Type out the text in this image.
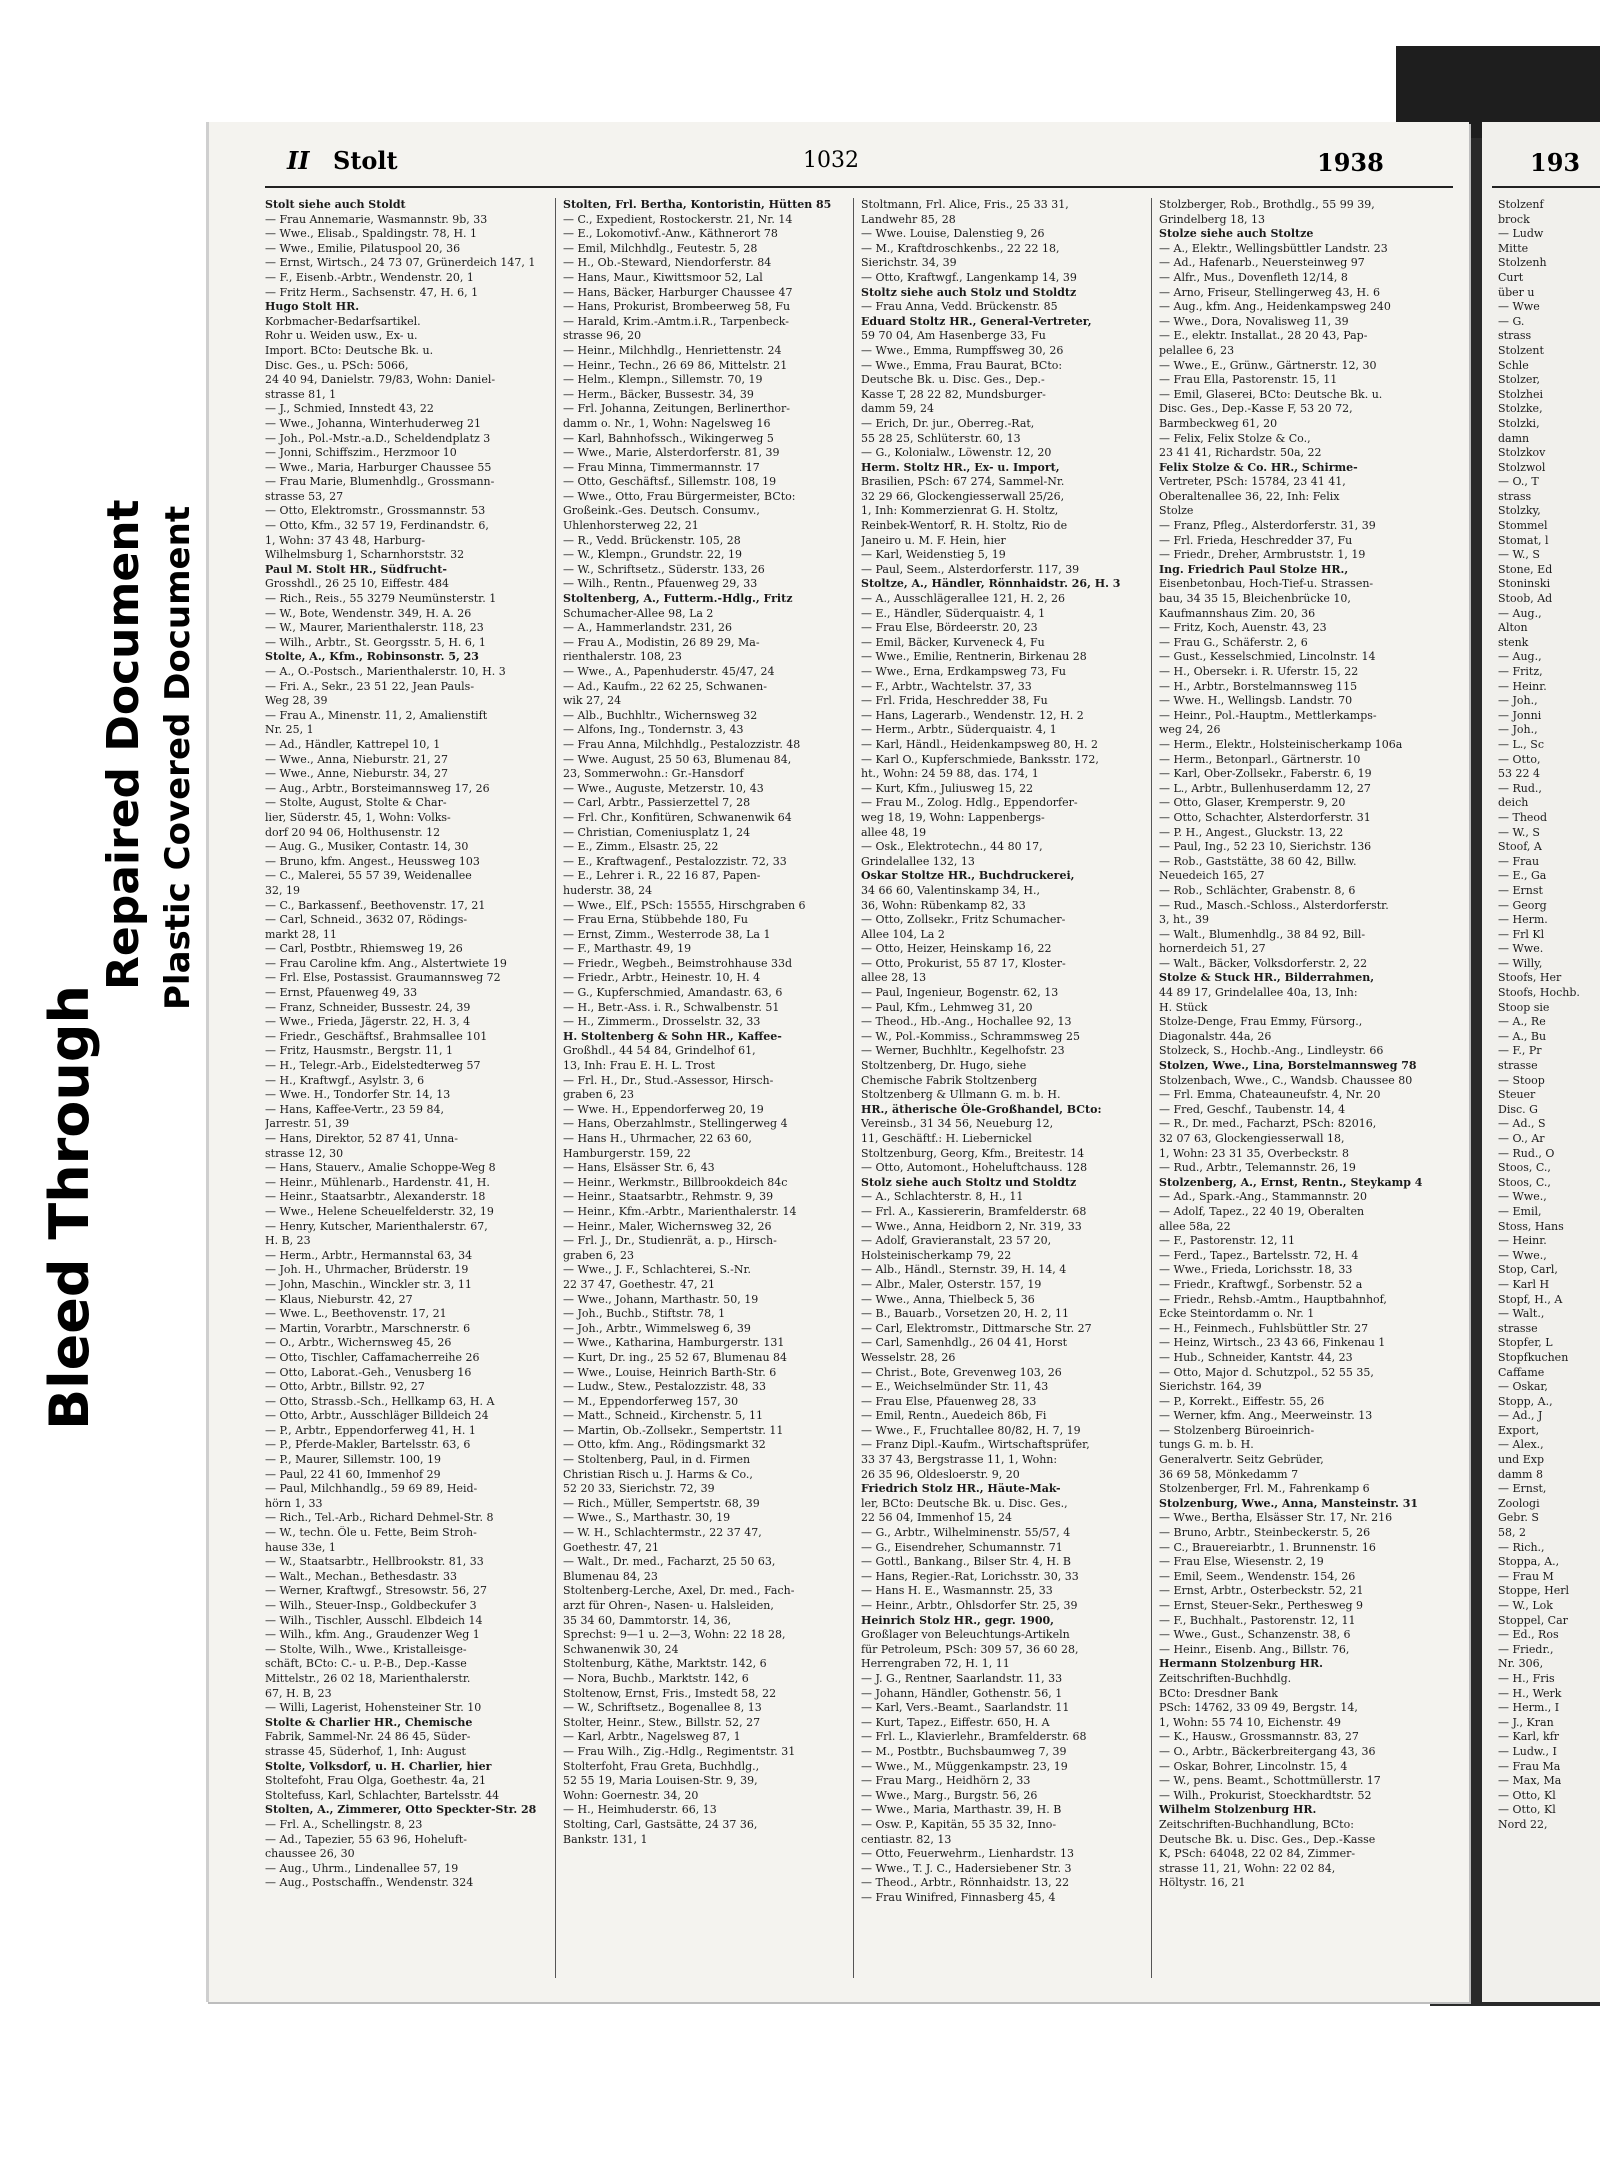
Bleed Through
Repaired Document Plastic Covered Document
II Stolt	1032	1938
Stolt siehe auch Stoldt
— Frau Annemarie, Wasmannstr. 9b, 33
— Wwe., Elisab., Spaldingstr. 78, H. 1
— Wwe., Emilie, Pilatuspool 20, 36
— Ernst, Wirtsch., 24 73 07, Grünerdeich 147, 1
— F., Eisenb.-Arbtr., Wendenstr. 20, 1
— Fritz Herm., Sachsenstr. 47, H. 6, 1
Hugo Stolt HR.
Korbmacher-Bedarfsartikel.
Rohr u. Weiden usw., Ex- u.
Import. BCto: Deutsche Bk. u.
Disc. Ges., u. PSch: 5066,
24 40 94, Danielstr. 79/83, Wohn: Daniel-
strasse 81, 1
— J., Schmied, Innstedt 43, 22
— Wwe., Johanna, Winterhuderweg 21
— Joh., Pol.-Mstr.-a.D., Scheldendplatz 3
— Jonni, Schiffszim., Herzmoor 10
— Wwe., Maria, Harburger Chaussee 55
— Frau Marie, Blumenhdlg., Grossmann-
strasse 53, 27
— Otto, Elektromstr., Grossmannstr. 53
— Otto, Kfm., 32 57 19, Ferdinandstr. 6,
1, Wohn: 37 43 48, Harburg-
Wilhelmsburg 1, Scharnhorststr. 32
Paul M. Stolt HR., Südfrucht-
Grosshdl., 26 25 10, Eiffestr. 484
— Rich., Reis., 55 3279 Neumünsterstr. 1
— W., Bote, Wendenstr. 349, H. A. 26
— W., Maurer, Marienthalerstr. 118, 23
— Wilh., Arbtr., St. Georgsstr. 5, H. 6, 1
Stolte, A., Kfm., Robinsonstr. 5, 23
— A., O.-Postsch., Marienthalerstr. 10, H. 3
— Fri. A., Sekr., 23 51 22, Jean Pauls-
Weg 28, 39
— Frau A., Minenstr. 11, 2, Amalienstift
Nr. 25, 1
— Ad., Händler, Kattrepel 10, 1
— Wwe., Anna, Nieburstr. 21, 27
— Wwe., Anne, Nieburstr. 34, 27
— Aug., Arbtr., Borsteimannsweg 17, 26
— Stolte, August, Stolte & Char-
lier, Süderstr. 45, 1, Wohn: Volks-
dorf 20 94 06, Holthusenstr. 12
— Aug. G., Musiker, Contastr. 14, 30
— Bruno, kfm. Angest., Heussweg 103
— C., Malerei, 55 57 39, Weidenallee
32, 19
— C., Barkassenf., Beethovenstr. 17, 21
— Carl, Schneid., 3632 07, Rödings-
markt 28, 11
— Carl, Postbtr., Rhiemsweg 19, 26
— Frau Caroline kfm. Ang., Alstertwiete 19
— Frl. Else, Postassist. Graumannsweg 72
— Ernst, Pfauenweg 49, 33
— Franz, Schneider, Bussestr. 24, 39
— Wwe., Frieda, Jägerstr. 22, H. 3, 4
— Friedr., Geschäftsf., Brahmsallee 101
— Fritz, Hausmstr., Bergstr. 11, 1
— H., Telegr.-Arb., Eidelstedterweg 57
— H., Kraftwgf., Asylstr. 3, 6
— Wwe. H., Tondorfer Str. 14, 13
— Hans, Kaffee-Vertr., 23 59 84,
Jarrestr. 51, 39
— Hans, Direktor, 52 87 41, Unna-
strasse 12, 30
— Hans, Stauerv., Amalie Schoppe-Weg 8
— Heinr., Mühlenarb., Hardenstr. 41, H.
— Heinr., Staatsarbtr., Alexanderstr. 18
— Wwe., Helene Scheuelfelderstr. 32, 19
— Henry, Kutscher, Marienthalerstr. 67,
H. B, 23
— Herm., Arbtr., Hermannstal 63, 34
— Joh. H., Uhrmacher, Brüderstr. 19
— John, Maschin., Winckler str. 3, 11
— Klaus, Nieburstr. 42, 27
— Wwe. L., Beethovenstr. 17, 21
— Martin, Vorarbtr., Marschnerstr. 6
— O., Arbtr., Wichernsweg 45, 26
— Otto, Tischler, Caffamacherreihe 26
— Otto, Laborat.-Geh., Venusberg 16
— Otto, Arbtr., Billstr. 92, 27
— Otto, Strassb.-Sch., Hellkamp 63, H. A
— Otto, Arbtr., Ausschläger Billdeich 24
— P., Arbtr., Eppendorferweg 41, H. 1
— P., Pferde-Makler, Bartelsstr. 63, 6
— P., Maurer, Sillemstr. 100, 19
— Paul, 22 41 60, Immenhof 29
— Paul, Milchhandlg., 59 69 89, Heid-
hörn 1, 33
— Rich., Tel.-Arb., Richard Dehmel-Str. 8
— W., techn. Öle u. Fette, Beim Stroh-
hause 33e, 1
— W., Staatsarbtr., Hellbrookstr. 81, 33
— Walt., Mechan., Bethesdastr. 33
— Werner, Kraftwgf., Stresowstr. 56, 27
— Wilh., Steuer-Insp., Goldbeckufer 3
— Wilh., Tischler, Ausschl. Elbdeich 14
— Wilh., kfm. Ang., Graudenzer Weg 1
— Stolte, Wilh., Wwe., Kristalleisge-
schäft, BCto: C.- u. P.-B., Dep.-Kasse
Mittelstr., 26 02 18, Marienthalerstr.
67, H. B, 23
— Willi, Lagerist, Hohensteiner Str. 10
Stolte & Charlier HR., Chemische
Fabrik, Sammel-Nr. 24 86 45, Süder-
strasse 45, Süderhof, 1, Inh: August
Stolte, Volksdorf, u. H. Charlier, hier
Stoltefoht, Frau Olga, Goethestr. 4a, 21
Stoltefuss, Karl, Schlachter, Bartelsstr. 44
Stolten, A., Zimmerer, Otto Speckter-Str. 28
— Frl. A., Schellingstr. 8, 23
— Ad., Tapezier, 55 63 96, Hoheluft-
chaussee 26, 30
— Aug., Uhrm., Lindenallee 57, 19
— Aug., Postschaffn., Wendenstr. 324
Stolten, Frl. Bertha, Kontoristin, Hütten 85
— C., Expedient, Rostockerstr. 21, Nr. 14
— E., Lokomotivf.-Anw., Käthnerort 78
— Emil, Milchhdlg., Feutestr. 5, 28
— H., Ob.-Steward, Niendorferstr. 84
— Hans, Maur., Kiwittsmoor 52, Lal
— Hans, Bäcker, Harburger Chaussee 47
— Hans, Prokurist, Brombeerweg 58, Fu
— Harald, Krim.-Amtm.i.R., Tarpenbeck-
strasse 96, 20
— Heinr., Milchhdlg., Henriettenstr. 24
— Heinr., Techn., 26 69 86, Mittelstr. 21
— Helm., Klempn., Sillemstr. 70, 19
— Herm., Bäcker, Bussestr. 34, 39
— Frl. Johanna, Zeitungen, Berlinerthor-
damm o. Nr., 1, Wohn: Nagelsweg 16
— Karl, Bahnhofssch., Wikingerweg 5
— Wwe., Marie, Alsterdorferstr. 81, 39
— Frau Minna, Timmermannstr. 17
— Otto, Geschäftsf., Sillemstr. 108, 19
— Wwe., Otto, Frau Bürgermeister, BCto:
Großeink.-Ges. Deutsch. Consumv.,
Uhlenhorsterweg 22, 21
— R., Vedd. Brückenstr. 105, 28
— W., Klempn., Grundstr. 22, 19
— W., Schriftsetz., Süderstr. 133, 26
— Wilh., Rentn., Pfauenweg 29, 33
Stoltenberg, A., Futterm.-Hdlg., Fritz
Schumacher-Allee 98, La 2
— A., Hammerlandstr. 231, 26
— Frau A., Modistin, 26 89 29, Ma-
rienthalerstr. 108, 23
— Wwe., A., Papenhuderstr. 45/47, 24
— Ad., Kaufm., 22 62 25, Schwanen-
wik 27, 24
— Alb., Buchhltr., Wichernsweg 32
— Alfons, Ing., Tondernstr. 3, 43
— Frau Anna, Milchhdlg., Pestalozzistr. 48
— Wwe. August, 25 50 63, Blumenau 84,
23, Sommerwohn.: Gr.-Hansdorf
— Wwe., Auguste, Metzerstr. 10, 43
— Carl, Arbtr., Passierzettel 7, 28
— Frl. Chr., Konfitüren, Schwanenwik 64
— Christian, Comeniusplatz 1, 24
— E., Zimm., Elsastr. 25, 22
— E., Kraftwagenf., Pestalozzistr. 72, 33
— E., Lehrer i. R., 22 16 87, Papen-
huderstr. 38, 24
— Wwe., Elf., PSch: 15555, Hirschgraben 6
— Frau Erna, Stübbehde 180, Fu
— Ernst, Zimm., Westerrode 38, La 1
— F., Marthastr. 49, 19
— Friedr., Wegbeh., Beimstrohhause 33d
— Friedr., Arbtr., Heinestr. 10, H. 4
— G., Kupferschmied, Amandastr. 63, 6
— H., Betr.-Ass. i. R., Schwalbenstr. 51
— H., Zimmerm., Drosselstr. 32, 33
H. Stoltenberg & Sohn HR., Kaffee-
Großhdl., 44 54 84, Grindelhof 61,
13, Inh: Frau E. H. L. Trost
— Frl. H., Dr., Stud.-Assessor, Hirsch-
graben 6, 23
— Wwe. H., Eppendorferweg 20, 19
— Hans, Oberzahlmstr., Stellingerweg 4
— Hans H., Uhrmacher, 22 63 60,
Hamburgerstr. 159, 22
— Hans, Elsässer Str. 6, 43
— Heinr., Werkmstr., Billbrookdeich 84c
— Heinr., Staatsarbtr., Rehmstr. 9, 39
— Heinr., Kfm.-Arbtr., Marienthalerstr. 14
— Heinr., Maler, Wichernsweg 32, 26
— Frl. J., Dr., Studienrät, a. p., Hirsch-
graben 6, 23
— Wwe., J. F., Schlachterei, S.-Nr.
22 37 47, Goethestr. 47, 21
— Wwe., Johann, Marthastr. 50, 19
— Joh., Buchb., Stiftstr. 78, 1
— Joh., Arbtr., Wimmelsweg 6, 39
— Wwe., Katharina, Hamburgerstr. 131
— Kurt, Dr. ing., 25 52 67, Blumenau 84
— Wwe., Louise, Heinrich Barth-Str. 6
— Ludw., Stew., Pestalozzistr. 48, 33
— M., Eppendorferweg 157, 30
— Matt., Schneid., Kirchenstr. 5, 11
— Martin, Ob.-Zollsekr., Sempertstr. 11
— Otto, kfm. Ang., Rödingsmarkt 32
— Stoltenberg, Paul, in d. Firmen
Christian Risch u. J. Harms & Co.,
52 20 33, Sierichstr. 72, 39
— Rich., Müller, Sempertstr. 68, 39
— Wwe., S., Marthastr. 30, 19
— W. H., Schlachtermstr., 22 37 47,
Goethestr. 47, 21
— Walt., Dr. med., Facharzt, 25 50 63,
Blumenau 84, 23
Stoltenberg-Lerche, Axel, Dr. med., Fach-
arzt für Ohren-, Nasen- u. Halsleiden,
35 34 60, Dammtorstr. 14, 36,
Sprechst: 9—1 u. 2—3, Wohn: 22 18 28,
Schwanenwik 30, 24
Stoltenburg, Käthe, Marktstr. 142, 6
— Nora, Buchb., Marktstr. 142, 6
Stoltenow, Ernst, Fris., Imstedt 58, 22
— W., Schriftsetz., Bogenallee 8, 13
Stolter, Heinr., Stew., Billstr. 52, 27
— Karl, Arbtr., Nagelsweg 87, 1
— Frau Wilh., Zig.-Hdlg., Regimentstr. 31
Stolterfoht, Frau Greta, Buchhdlg.,
52 55 19, Maria Louisen-Str. 9, 39,
Wohn: Goernestr. 34, 20
— H., Heimhuderstr. 66, 13
Stolting, Carl, Gastsätte, 24 37 36,
Bankstr. 131, 1
Stoltmann, Frl. Alice, Fris., 25 33 31,
Landwehr 85, 28
— Wwe. Louise, Dalenstieg 9, 26
— M., Kraftdroschkenbs., 22 22 18,
Sierichstr. 34, 39
— Otto, Kraftwgf., Langenkamp 14, 39
Stoltz siehe auch Stolz und Stoldtz
— Frau Anna, Vedd. Brückenstr. 85
Eduard Stoltz HR., General-Vertreter,
59 70 04, Am Hasenberge 33, Fu
— Wwe., Emma, Rumpffsweg 30, 26
— Wwe., Emma, Frau Baurat, BCto:
Deutsche Bk. u. Disc. Ges., Dep.-
Kasse T, 28 22 82, Mundsburger-
damm 59, 24
— Erich, Dr. jur., Oberreg.-Rat,
55 28 25, Schlüterstr. 60, 13
— G., Kolonialw., Löwenstr. 12, 20
Herm. Stoltz HR., Ex- u. Import,
Brasilien, PSch: 67 274, Sammel-Nr.
32 29 66, Glockengiesserwall 25/26,
1, Inh: Kommerzienrat G. H. Stoltz,
Reinbek-Wentorf, R. H. Stoltz, Rio de
Janeiro u. M. F. Hein, hier
— Karl, Weidenstieg 5, 19
— Paul, Seem., Alsterdorferstr. 117, 39
Stoltze, A., Händler, Rönnhaidstr. 26, H. 3
— A., Ausschlägerallee 121, H. 2, 26
— E., Händler, Süderquaistr. 4, 1
— Frau Else, Bördeerstr. 20, 23
— Emil, Bäcker, Kurveneck 4, Fu
— Wwe., Emilie, Rentnerin, Birkenau 28
— Wwe., Erna, Erdkampsweg 73, Fu
— F., Arbtr., Wachtelstr. 37, 33
— Frl. Frida, Heschredder 38, Fu
— Hans, Lagerarb., Wendenstr. 12, H. 2
— Herm., Arbtr., Süderquaistr. 4, 1
— Karl, Händl., Heidenkampsweg 80, H. 2
— Karl O., Kupferschmiede, Banksstr. 172,
ht., Wohn: 24 59 88, das. 174, 1
— Kurt, Kfm., Juliusweg 15, 22
— Frau M., Zolog. Hdlg., Eppendorfer-
weg 18, 19, Wohn: Lappenbergs-
allee 48, 19
— Osk., Elektrotechn., 44 80 17,
Grindelallee 132, 13
Oskar Stoltze HR., Buchdruckerei,
34 66 60, Valentinskamp 34, H.,
36, Wohn: Rübenkamp 82, 33
— Otto, Zollsekr., Fritz Schumacher-
Allee 104, La 2
— Otto, Heizer, Heinskamp 16, 22
— Otto, Prokurist, 55 87 17, Kloster-
allee 28, 13
— Paul, Ingenieur, Bogenstr. 62, 13
— Paul, Kfm., Lehmweg 31, 20
— Theod., Hb.-Ang., Hochallee 92, 13
— W., Pol.-Kommiss., Schrammsweg 25
— Werner, Buchhltr., Kegelhofstr. 23
Stoltzenberg, Dr. Hugo, siehe
Chemische Fabrik Stoltzenberg
Stoltzenberg & Ullmann G. m. b. H.
HR., ätherische Öle-Großhandel, BCto:
Vereinsb., 31 34 56, Neueburg 12,
11, Geschäftf.: H. Liebernickel
Stoltzenburg, Georg, Kfm., Breitestr. 14
— Otto, Automont., Hoheluftchauss. 128
Stolz siehe auch Stoltz und Stoldtz
— A., Schlachterstr. 8, H., 11
— Frl. A., Kassiererin, Bramfelderstr. 68
— Wwe., Anna, Heidborn 2, Nr. 319, 33
— Adolf, Gravieranstalt, 23 57 20,
Holsteinischerkamp 79, 22
— Alb., Händl., Sternstr. 39, H. 14, 4
— Albr., Maler, Osterstr. 157, 19
— Wwe., Anna, Thielbeck 5, 36
— B., Bauarb., Vorsetzen 20, H. 2, 11
— Carl, Elektromstr., Dittmarsche Str. 27
— Carl, Samenhdlg., 26 04 41, Horst
Wesselstr. 28, 26
— Christ., Bote, Grevenweg 103, 26
— E., Weichselmünder Str. 11, 43
— Frau Else, Pfauenweg 28, 33
— Emil, Rentn., Auedeich 86b, Fi
— Wwe., F., Fruchtallee 80/82, H. 7, 19
— Franz Dipl.-Kaufm., Wirtschaftsprüfer,
33 37 43, Bergstrasse 11, 1, Wohn:
26 35 96, Oldesloerstr. 9, 20
Friedrich Stolz HR., Häute-Mak-
ler, BCto: Deutsche Bk. u. Disc. Ges.,
22 56 04, Immenhof 15, 24
— G., Arbtr., Wilhelminenstr. 55/57, 4
— G., Eisendreher, Schumannstr. 71
— Gottl., Bankang., Bilser Str. 4, H. B
— Hans, Regier.-Rat, Lorichsstr. 30, 33
— Hans H. E., Wasmannstr. 25, 33
— Heinr., Arbtr., Ohlsdorfer Str. 25, 39
Heinrich Stolz HR., gegr. 1900,
Großlager von Beleuchtungs-Artikeln
für Petroleum, PSch: 309 57, 36 60 28,
Herrengraben 72, H. 1, 11
— J. G., Rentner, Saarlandstr. 11, 33
— Johann, Händler, Gothenstr. 56, 1
— Karl, Vers.-Beamt., Saarlandstr. 11
— Kurt, Tapez., Eiffestr. 650, H. A
— Frl. L., Klavierlehr., Bramfelderstr. 68
— M., Postbtr., Buchsbaumweg 7, 39
— Wwe., M., Müggenkampstr. 23, 19
— Frau Marg., Heidhörn 2, 33
— Wwe., Marg., Burgstr. 56, 26
— Wwe., Maria, Marthastr. 39, H. B
— Osw. P., Kapitän, 55 35 32, Inno-
centiastr. 82, 13
— Otto, Feuerwehrm., Lienhardstr. 13
— Wwe., T. J. C., Hadersiebener Str. 3
— Theod., Arbtr., Rönnhaidstr. 13, 22
— Frau Winifred, Finnasberg 45, 4
Stolzberger, Rob., Brothdlg., 55 99 39,
Grindelberg 18, 13
Stolze siehe auch Stoltze
— A., Elektr., Wellingsbüttler Landstr. 23
— Ad., Hafenarb., Neuersteinweg 97
— Alfr., Mus., Dovenfleth 12/14, 8
— Arno, Friseur, Stellingerweg 43, H. 6
— Aug., kfm. Ang., Heidenkampsweg 240
— Wwe., Dora, Novalisweg 11, 39
— E., elektr. Installat., 28 20 43, Pap-
pelallee 6, 23
— Wwe., E., Grünw., Gärtnerstr. 12, 30
— Frau Ella, Pastorenstr. 15, 11
— Emil, Glaserei, BCto: Deutsche Bk. u.
Disc. Ges., Dep.-Kasse F, 53 20 72,
Barmbeckweg 61, 20
— Felix, Felix Stolze & Co.,
23 41 41, Richardstr. 50a, 22
Felix Stolze & Co. HR., Schirme-
Vertreter, PSch: 15784, 23 41 41,
Oberaltenallee 36, 22, Inh: Felix
Stolze
— Franz, Pfleg., Alsterdorferstr. 31, 39
— Frl. Frieda, Heschredder 37, Fu
— Friedr., Dreher, Armbruststr. 1, 19
Ing. Friedrich Paul Stolze HR.,
Eisenbetonbau, Hoch-Tief-u. Strassen-
bau, 34 35 15, Bleichenbrücke 10,
Kaufmannshaus Zim. 20, 36
— Fritz, Koch, Auenstr. 43, 23
— Frau G., Schäferstr. 2, 6
— Gust., Kesselschmied, Lincolnstr. 14
— H., Obersekr. i. R. Uferstr. 15, 22
— H., Arbtr., Borstelmannsweg 115
— Wwe. H., Wellingsb. Landstr. 70
— Heinr., Pol.-Hauptm., Mettlerkamps-
weg 24, 26
— Herm., Elektr., Holsteinischerkamp 106a
— Herm., Betonparl., Gärtnerstr. 10
— Karl, Ober-Zollsekr., Faberstr. 6, 19
— L., Arbtr., Bullenhuserdamm 12, 27
— Otto, Glaser, Kremperstr. 9, 20
— Otto, Schachter, Alsterdorferstr. 31
— P. H., Angest., Gluckstr. 13, 22
— Paul, Ing., 52 23 10, Sierichstr. 136
— Rob., Gaststätte, 38 60 42, Billw.
Neuedeich 165, 27
— Rob., Schlächter, Grabenstr. 8, 6
— Rud., Masch.-Schloss., Alsterdorferstr.
3, ht., 39
— Walt., Blumenhdlg., 38 84 92, Bill-
hornerdeich 51, 27
— Walt., Bäcker, Volksdorferstr. 2, 22
Stolze & Stuck HR., Bilderrahmen,
44 89 17, Grindelallee 40a, 13, Inh:
H. Stück
Stolze-Denge, Frau Emmy, Fürsorg.,
Diagonalstr. 44a, 26
Stolzeck, S., Hochb.-Ang., Lindleystr. 66
Stolzen, Wwe., Lina, Borstelmannsweg 78
Stolzenbach, Wwe., C., Wandsb. Chaussee 80
— Frl. Emma, Chateauneufstr. 4, Nr. 20
— Fred, Geschf., Taubenstr. 14, 4
— R., Dr. med., Facharzt, PSch: 82016,
32 07 63, Glockengiesserwall 18,
1, Wohn: 23 31 35, Overbeckstr. 8
— Rud., Arbtr., Telemannstr. 26, 19
Stolzenberg, A., Ernst, Rentn., Steykamp 4
— Ad., Spark.-Ang., Stammannstr. 20
— Adolf, Tapez., 22 40 19, Oberalten
allee 58a, 22
— F., Pastorenstr. 12, 11
— Ferd., Tapez., Bartelsstr. 72, H. 4
— Wwe., Frieda, Lorichsstr. 18, 33
— Friedr., Kraftwgf., Sorbenstr. 52 a
— Friedr., Rehsb.-Amtm., Hauptbahnhof,
Ecke Steintordamm o. Nr. 1
— H., Feinmech., Fuhlsbüttler Str. 27
— Heinz, Wirtsch., 23 43 66, Finkenau 1
— Hub., Schneider, Kantstr. 44, 23
— Otto, Major d. Schutzpol., 52 55 35,
Sierichstr. 164, 39
— P., Korrekt., Eiffestr. 55, 26
— Werner, kfm. Ang., Meerweinstr. 13
— Stolzenberg Büroeinrich-
tungs G. m. b. H.
Generalvertr. Seitz Gebrüder,
36 69 58, Mönkedamm 7
Stolzenberger, Frl. M., Fahrenkamp 6
Stolzenburg, Wwe., Anna, Mansteinstr. 31
— Wwe., Bertha, Elsässer Str. 17, Nr. 216
— Bruno, Arbtr., Steinbeckerstr. 5, 26
— C., Brauereiarbtr., 1. Brunnenstr. 16
— Frau Else, Wiesenstr. 2, 19
— Emil, Seem., Wendenstr. 154, 26
— Ernst, Arbtr., Osterbeckstr. 52, 21
— Ernst, Steuer-Sekr., Perthesweg 9
— F., Buchhalt., Pastorenstr. 12, 11
— Wwe., Gust., Schanzenstr. 38, 6
— Heinr., Eisenb. Ang., Billstr. 76,
Hermann Stolzenburg HR.
Zeitschriften-Buchhdlg.
BCto: Dresdner Bank
PSch: 14762, 33 09 49, Bergstr. 14,
1, Wohn: 55 74 10, Eichenstr. 49
— K., Hausw., Grossmannstr. 83, 27
— O., Arbtr., Bäckerbreitergang 43, 36
— Oskar, Bohrer, Lincolnstr. 15, 4
— W., pens. Beamt., Schottmüllerstr. 17
— Wilh., Prokurist, Stoeckhardtstr. 52
Wilhelm Stolzenburg HR.
Zeitschriften-Buchhandlung, BCto:
Deutsche Bk. u. Disc. Ges., Dep.-Kasse
K, PSch: 64048, 22 02 84, Zimmer-
strasse 11, 21, Wohn: 22 02 84,
Höltystr. 16, 21
193
Stolzenf
brock
— Ludw
Mitte
Stolzenh
Curt
über u
— Wwe
— G.
strass
Stolzent
Schle
Stolzer,
Stolzhei
Stolzke,
Stolzki,
damn
Stolzkov
Stolzwol
— O., T
strass
Stolzky,
Stommel
Stomat, l
— W., S
Stone, Ed
Stoninski
Stoob, Ad
— Aug.,
Alton
stenk
— Aug.,
— Fritz,
— Heinr.
— Joh.,
— Jonni
— Joh.,
— L., Sc
— Otto,
53 22 4
— Rud.,
deich
— Theod
— W., S
Stoof, A
— Frau
— E., Ga
— Ernst
— Georg
— Herm.
— Frl Kl
— Wwe.
— Willy,
Stoofs, Her
Stoofs, Hochb.
Stoop sie
— A., Re
— A., Bu
— F., Pr
strasse
— Stoop
Steuer
Disc. G
— Ad., S
— O., Ar
— Rud., O
Stoos, C.,
Stoos, C.,
— Wwe.,
— Emil,
Stoss, Hans
— Heinr.
— Wwe.,
Stop, Carl,
— Karl H
Stopf, H., A
— Walt.,
strasse
Stopfer, L
Stopfkuchen
Caffame
— Oskar,
Stopp, A.,
— Ad., J
Export,
— Alex.,
und Exp
damm 8
— Ernst,
Zoologi
Gebr. S
58, 2
— Rich.,
Stoppa, A.,
— Frau M
Stoppe, Herl
— W., Lok
Stoppel, Car
— Ed., Ros
— Friedr.,
Nr. 306,
— H., Fris
— H., Werk
— Herm., I
— J., Kran
— Karl, kfr
— Ludw., I
— Frau Ma
— Max, Ma
— Otto, Kl
— Otto, Kl
Nord 22,
